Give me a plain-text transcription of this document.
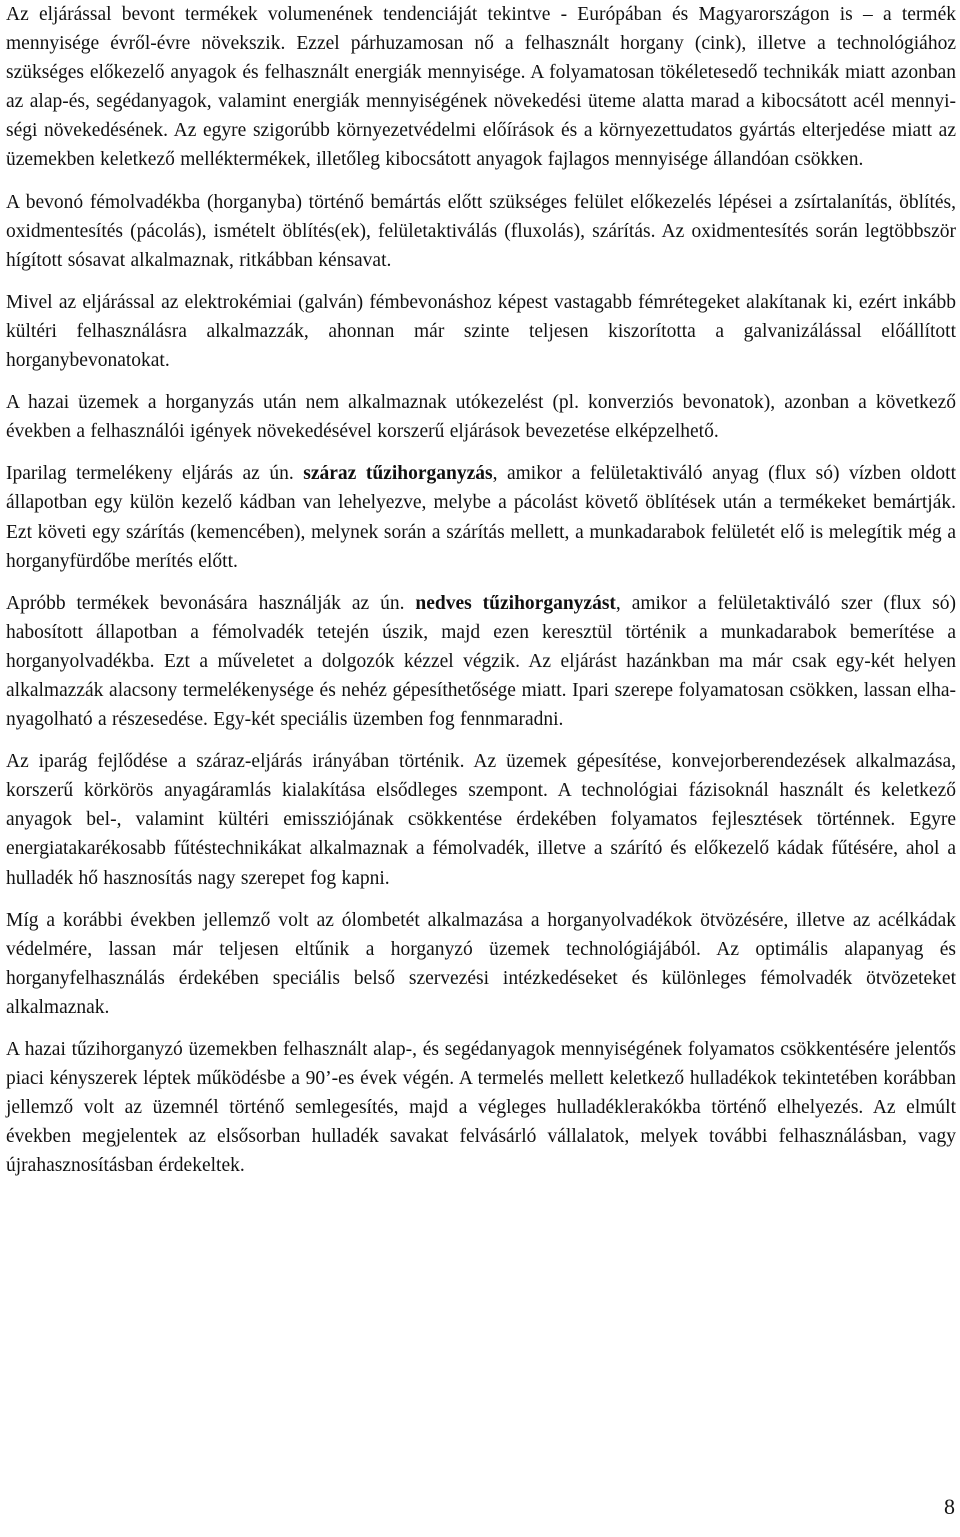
Az eljárással bevont termékek volumenének tendenciáját tekintve - Európában és Magyarországon is – a termék mennyisége évről-évre növekszik. Ezzel párhuzamosan nő a felhasznált horgany (cink), illetve a technológiához szükséges előkezelő anyagok és felhasznált energiák mennyisége. A folyamatosan tökéletesedő technikák miatt azonban az alap-és, segédanyagok, valamint energiák mennyiségének növekedési üteme alatta marad a kibocsátott acél mennyiségi növekedésének. Az egyre szigorúbb környezetvédelmi előírások és a környezettudatos gyártás elterjedése miatt az üzemekben keletkező melléktermékek, illetőleg kibocsátott anyagok fajlagos mennyisége állandóan csökken.

A bevonó fémolvadékba (horganyba) történő bemártás előtt szükséges felület előkezelés lépései a zsírtalanítás, öblítés, oxidmentesítés (pácolás), ismételt öblítés(ek), felületaktiválás (fluxolás), szárítás. Az oxidmentesítés során legtöbbször hígított sósavat alkalmaznak, ritkábban kénsavat.

Mivel az eljárással az elektrokémiai (galván) fémbevonáshoz képest vastagabb fémrétegeket alakítanak ki, ezért inkább kültéri felhasználásra alkalmazzák, ahonnan már szinte teljesen kiszorította a galvanizálással előállított horganybevonatokat.

A hazai üzemek a horganyzás után nem alkalmaznak utókezelést (pl. konverziós bevonatok), azonban a következő években a felhasználói igények növekedésével korszerű eljárások bevezetése elképzelhető.

Iparilag termelékeny eljárás az ún. száraz tűzihorganyzás, amikor a felületaktiváló anyag (flux só) vízben oldott állapotban egy külön kezelő kádban van lehelyezve, melybe a pácolást követő öblítések után a termékeket bemártják. Ezt követi egy szárítás (kemencében), melynek során a szárítás mellett, a munkadarabok felületét elő is melegítik még a horganyfürdőbe merítés előtt.

Apróbb termékek bevonására használják az ún. nedves tűzihorganyzást, amikor a felületaktiváló szer (flux só) habosított állapotban a fémolvadék tetején úszik, majd ezen keresztül történik a munkadarabok bemerítése a horganyolvadékba. Ezt a műveletet a dolgozók kézzel végzik. Az eljárást hazánkban ma már csak egy-két helyen alkalmazzák alacsony termelékenysége és nehéz gépesíthetősége miatt. Ipari szerepe folyamatosan csökken, lassan elhanyagolható a részesedése. Egy-két speciális üzemben fog fennmaradni.

Az iparág fejlődése a száraz-eljárás irányában történik. Az üzemek gépesítése, konvejorberendezések alkalmazása, korszerű körkörös anyagáramlás kialakítása elsődleges szempont. A technológiai fázisoknál használt és keletkező anyagok bel-, valamint kültéri emissziójának csökkentése érdekében folyamatos fejlesztések történnek. Egyre energiatakarékosabb fűtéstechnikákat alkalmaznak a fémolvadék, illetve a szárító és előkezelő kádak fűtésére, ahol a hulladék hő hasznosítás nagy szerepet fog kapni.

Míg a korábbi években jellemző volt az ólombetét alkalmazása a horganyolvadékok ötvözésére, illetve az acélkádak védelmére, lassan már teljesen eltűnik a horganyzó üzemek technológiájából. Az optimális alapanyag és horganyfelhasználás érdekében speciális belső szervezési intézkedéseket és különleges fémolvadék ötvözeteket alkalmaznak.

A hazai tűzihorganyzó üzemekben felhasznált alap-, és segédanyagok mennyiségének folyamatos csökkentésére jelentős piaci kényszerek léptek működésbe a 90’-es évek végén. A termelés mellett keletkező hulladékok tekintetében korábban jellemző volt az üzemnél történő semlegesítés, majd a végleges hulladéklerakókba történő elhelyezés. Az elmúlt években megjelentek az elsősorban hulladék savakat felvásárló vállalatok, melyek további felhasználásban, vagy újrahasznosításban érdekeltek.

8
